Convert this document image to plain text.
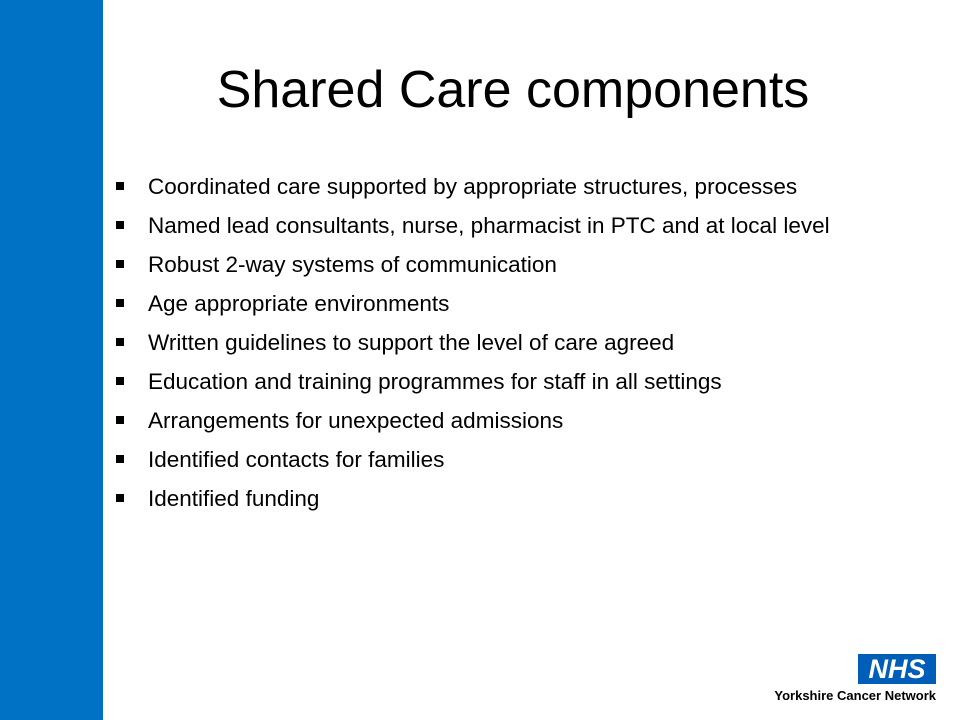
Shared Care components
Coordinated care supported by appropriate structures, processes
Named lead consultants, nurse, pharmacist in PTC and at local level
Robust 2-way systems of communication
Age appropriate environments
Written guidelines to support the level of care agreed
Education and training programmes for staff in all settings
Arrangements for unexpected admissions
Identified contacts for families
Identified funding
NHS
Yorkshire Cancer Network
